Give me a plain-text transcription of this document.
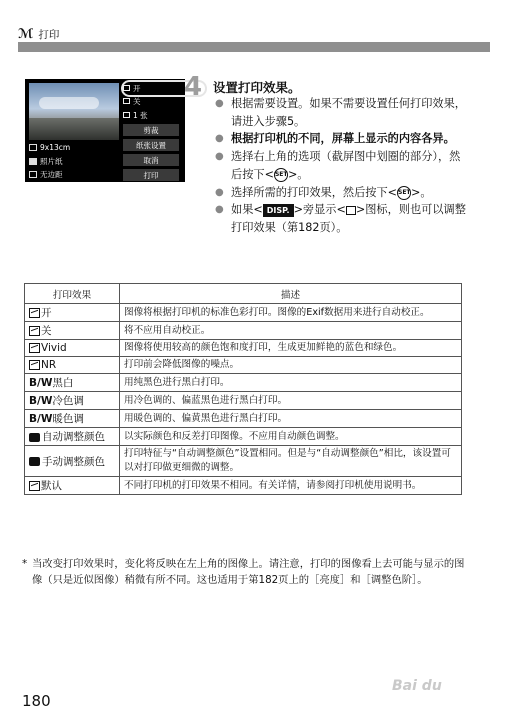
ℳ 打印
9x13cm
照片纸
无边距
开
关
1 张
剪裁
纸张设置
取消
打印
4 设置打印效果。
● 根据需要设置。如果不需要设置任何打印效果，请进入步骤5。
● 根据打印机的不同，屏幕上显示的内容各异。
● 选择右上角的选项（截屏图中划圈的部分），然后按下<SET>。
● 选择所需的打印效果，然后按下<SET>。
● 如果< DISP. >旁显示< >图标，则也可以调整打印效果（第182页）。
打印效果	描述
开	图像将根据打印机的标准色彩打印。图像的Exif数据用来进行自动校正。
关	将不应用自动校正。
Vivid	图像将使用较高的颜色饱和度打印，生成更加鲜艳的蓝色和绿色。
NR	打印前会降低图像的噪点。
B/W黑白	用纯黑色进行黑白打印。
B/W冷色调	用冷色调的、偏蓝黑色进行黑白打印。
B/W暖色调	用暖色调的、偏黄黑色进行黑白打印。
自动调整颜色	以实际颜色和反差打印图像。不应用自动颜色调整。
手动调整颜色	打印特征与“自动调整颜色”设置相同。但是与“自动调整颜色”相比，该设置可以对打印做更细微的调整。
默认	不同打印机的打印效果不相同。有关详情，请参阅打印机使用说明书。
* 当改变打印效果时，变化将反映在左上角的图像上。请注意，打印的图像看上去可能与显示的图像（只是近似图像）稍微有所不同。这也适用于第182页上的［亮度］和［调整色阶］。
180
Bai du
